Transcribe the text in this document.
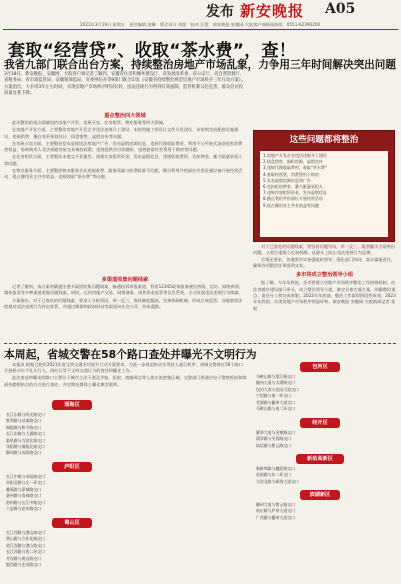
发布 新安晚报 A05
2021年3月19日 星期五　责任编辑 凌琳　版式设计 刘阳　校对 汪霞　新安晚报·安徽网·大皖客户端新闻热线：0551-62396200
套取“经营贷”、收取“茶水费”，查！
我省九部门联合出台方案，持续整治房地产市场乱象，力争用三年时间解决突出问题
3月18日，新安晚报、安徽网、大皖客户端记者了解到，安徽省住房和城乡建设厅、省发展改革委、省公安厅、省自然资源厅、省税务局、省市场监管局、安徽银保监局、省委网信办等9部门联合印发《安徽省持续整治规范房地产市场秩序三年行动方案》。方案指出，力争用3年左右时间，实现房地产市场秩序明显好转，违法违规行为得到有效遏制，监管机制日趋完善，群众信访投诉量显著下降。
重点整治四大领域

此次整治的重点领域包括房地产开发、房屋买卖、住房租赁、物业服务等四大领域。

在房地产开发方面，主要整治房地产开发企业违法违规开工建设、未按照施工图设计文件开发建设、未按期完成配套设施建设、违规销售、擅自变更规划设计、捂盘惜售、虚假宣传等问题。

在房屋买卖方面，主要整治发布虚假违法房地产广告、发布虚假房源信息、违规代理收取费用、利用不公平格式条款侵害消费者权益、协助购房人非法规避房屋交易调控政策、违规提供首付款融资、违规套取经营贷用于购房等问题。

在住房租赁方面，主要整治未提交开业报告、违规存放租赁资金、发布虚假信息、违规收取费用、克扣押金、暴力驱逐承租人等问题。

在物业服务方面，主要整治物业服务企业违规收费、服务质量与收费标准不匹配、擅自利用共用部位共用设施设备开展经营活动、侵占挪用业主共有收益、违规收取“茶水费”等问题。

多渠道收集问题线索

记者了解到，该方案明确提出要多渠道收集问题线索，畅通投诉举报渠道，利用12345政务服务便民热线、信访、网络舆情、媒体报道等多种渠道收集问题线索。同时，运用房地产交易、网签备案、预售资金监管等信息系统，主动发现违法违规行为线索。

方案指出，对于已查处的问题线索，要深入分析原因，举一反三，查找制度漏洞，完善体制机制，形成长效监管。各地要依法依规对违法违规行为作出处罚，并通过媒体和政府网站等渠道向社会公开，形成震慑。

这些问题都将整治
1.房地产开发企业违法违规开工建设
2.捂盘惜售、囤积房源，虚假宣传
3.违规代理收取费用，收取“茶水费”
4.套取经营贷、消费贷用于购房
5.发布虚假房源信息和广告
6.克扣租房押金、暴力驱逐承租人
7.违规存放租赁资金，发布虚假信息
8.擅自利用共用部位开展经营活动
9.侵占挪用业主共有收益等问题

对于已查处的问题线索，要坚持问题导向，举一反三，既要解决当前突出问题，又要注重建立长效机制，从源头上防止违法违规行为反弹。

方案还要求，各地要切实加强组织领导，强化部门协同，落实属地责任，确保各项整治任务落到实处。

多市将成立整治领导小组

据了解，今年年底前，各市要建立房地产市场秩序整治工作协调机制，由住房城乡建设部门牵头，成立整治领导小组，制定具体实施方案，明确整治重点、责任分工和完成时限。2022年年底前，整治工作取得阶段性成效；2023年年底前，实现房地产市场秩序明显好转。新安晚报 安徽网 大皖新闻记者 张毅

本周起，省城交警在58个路口查处并曝光不文明行为

本报讯 根据合肥市2021年度文明交通专项提升行动方案要求，为进一步规范机动车驾驶人通行秩序，省城交警将在58个路口开展机动车不礼让行人、闯红灯等不文明交通行为的查处和曝光工作。

此次查处和曝光的路口主要位于城市主次干道及学校、医院、商圈周边等人流车流密集区域，交警部门将通过电子警察抓拍和路面执勤相结合的方式进行查处，并定期在媒体上曝光典型案例。

瑶海区
长江东路与明光路交口
胜利路与站前路交口
铜陵路与和平路交口
长江东路与大通路交口
临泉路与当涂北路交口
凤阳路与铜陵北路交口
滁州路与凤阳路交口
庐阳区
长江中路与阜阳路交口
阜阳北路与北一环交口
濉溪路与蒙城路交口
亳州路与寿春路交口
宿州路与长江中路交口
六安路与安庆路交口
蜀山区
长江西路与潜山路交口
黄山路与合作化路交口
望江西路与潜山路交口
长江西路与西二环交口
井岗路与黄山路交口
肥西路与史河路交口
包河区
马鞍山路与望江路交口
徽州大道与太湖路交口
包河大道与花园大道交口
宁国路与南一环交口
芜湖路与徽州大道交口
马鞍山路与南二环交口
经开区
繁华大道与金寨路交口
翡翠路与芙蓉路交口
始信路与紫云路交口
新站高新区
新蚌埠路与魏武路交口
站前路与东二环交口
当涂北路与新海大道交口
滨湖新区
徽州大道与紫云路交口
南京路与庐州大道交口
广西路与徽州大道交口
